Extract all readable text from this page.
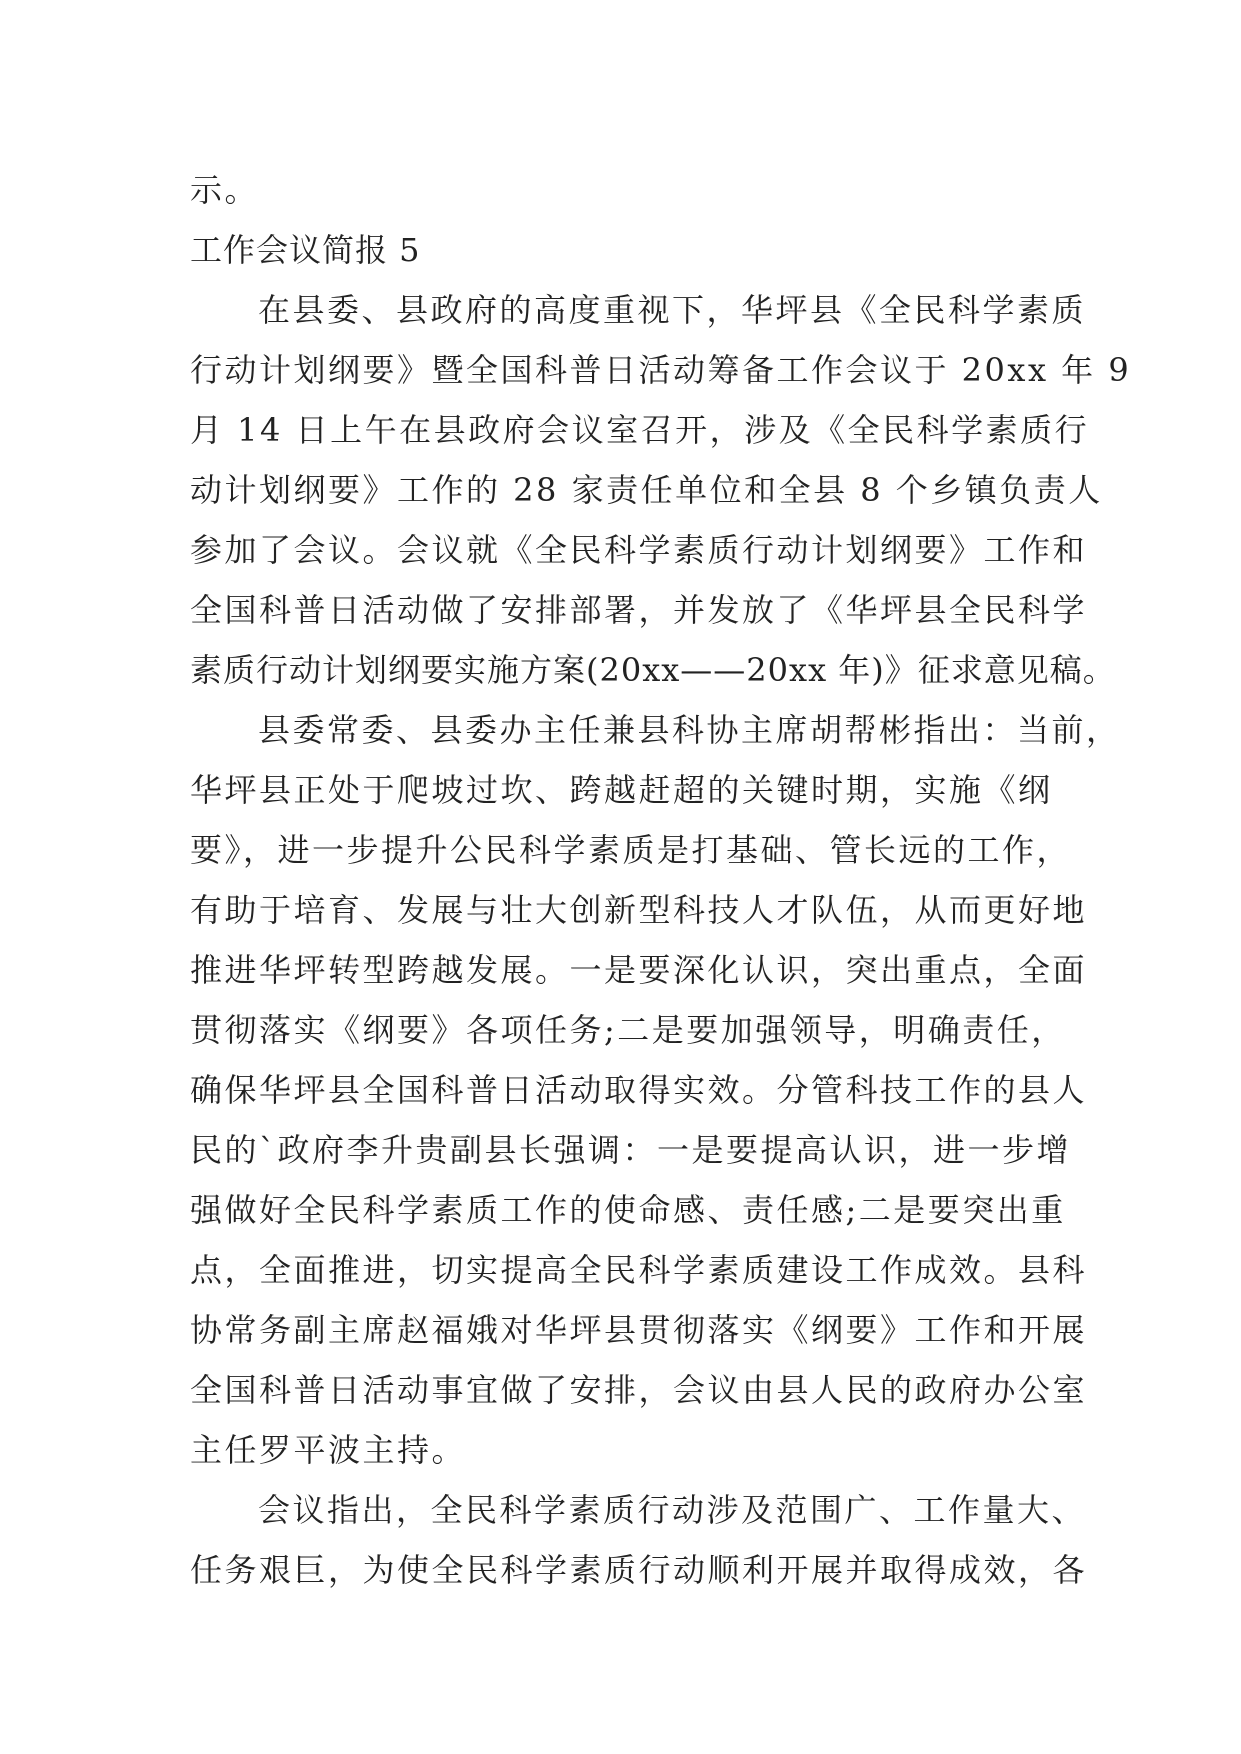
示。
工作会议简报 5
在县委、县政府的高度重视下，华坪县《全民科学素质
行动计划纲要》暨全国科普日活动筹备工作会议于 20xx 年 9
月 14 日上午在县政府会议室召开，涉及《全民科学素质行
动计划纲要》工作的 28 家责任单位和全县 8 个乡镇负责人
参加了会议。会议就《全民科学素质行动计划纲要》工作和
全国科普日活动做了安排部署，并发放了《华坪县全民科学
素质行动计划纲要实施方案(20xx——20xx 年)》征求意见稿。
县委常委、县委办主任兼县科协主席胡帮彬指出：当前，
华坪县正处于爬坡过坎、跨越赶超的关键时期，实施《纲
要》，进一步提升公民科学素质是打基础、管长远的工作，
有助于培育、发展与壮大创新型科技人才队伍，从而更好地
推进华坪转型跨越发展。一是要深化认识，突出重点，全面
贯彻落实《纲要》各项任务;二是要加强领导，明确责任，
确保华坪县全国科普日活动取得实效。分管科技工作的县人
民的`政府李升贵副县长强调：一是要提高认识，进一步增
强做好全民科学素质工作的使命感、责任感;二是要突出重
点，全面推进，切实提高全民科学素质建设工作成效。县科
协常务副主席赵福娥对华坪县贯彻落实《纲要》工作和开展
全国科普日活动事宜做了安排，会议由县人民的政府办公室
主任罗平波主持。
会议指出，全民科学素质行动涉及范围广、工作量大、
任务艰巨，为使全民科学素质行动顺利开展并取得成效，各
